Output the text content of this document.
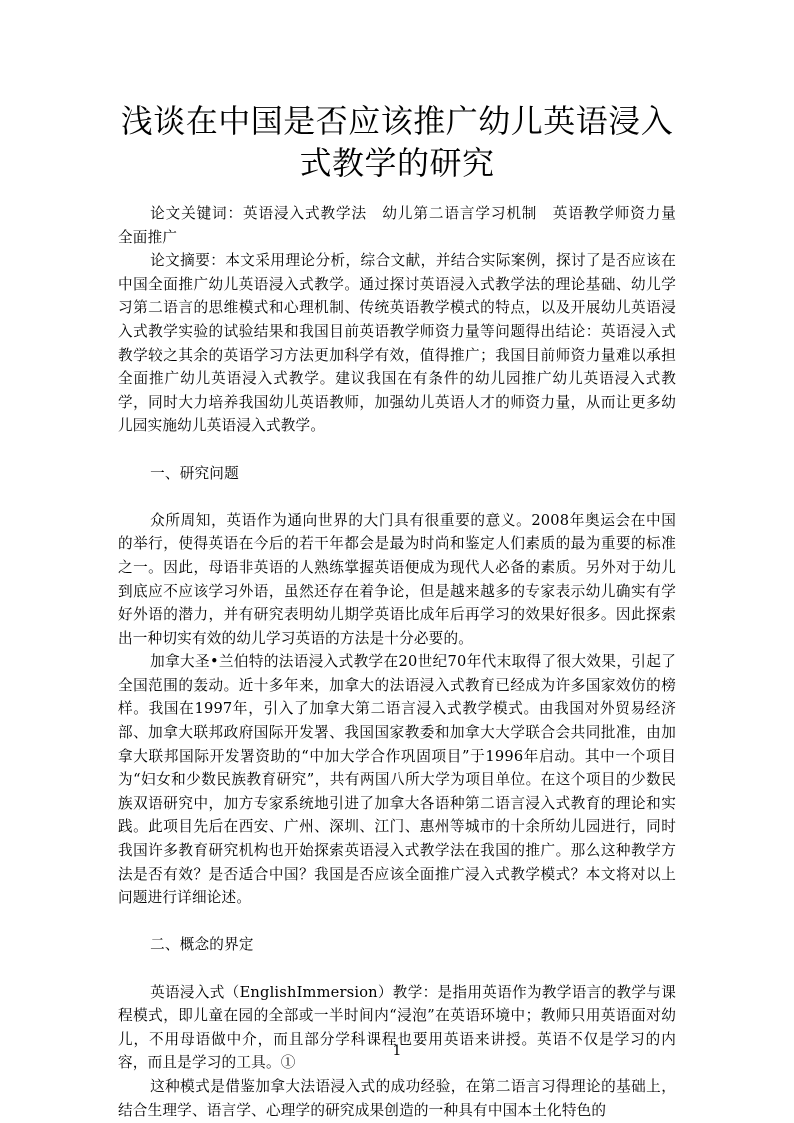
浅谈在中国是否应该推广幼儿英语浸入式教学的研究

论文关键词：英语浸入式教学法　幼儿第二语言学习机制　英语教学师资力量　全面推广

论文摘要：本文采用理论分析，综合文献，并结合实际案例，探讨了是否应该在中国全面推广幼儿英语浸入式教学。通过探讨英语浸入式教学法的理论基础、幼儿学习第二语言的思维模式和心理机制、传统英语教学模式的特点，以及开展幼儿英语浸入式教学实验的试验结果和我国目前英语教学师资力量等问题得出结论：英语浸入式教学较之其余的英语学习方法更加科学有效，值得推广；我国目前师资力量难以承担全面推广幼儿英语浸入式教学。建议我国在有条件的幼儿园推广幼儿英语浸入式教学，同时大力培养我国幼儿英语教师，加强幼儿英语人才的师资力量，从而让更多幼儿园实施幼儿英语浸入式教学。

一、研究问题

众所周知，英语作为通向世界的大门具有很重要的意义。2008年奥运会在中国的举行，使得英语在今后的若干年都会是最为时尚和鉴定人们素质的最为重要的标准之一。因此，母语非英语的人熟练掌握英语便成为现代人必备的素质。另外对于幼儿到底应不应该学习外语，虽然还存在着争论，但是越来越多的专家表示幼儿确实有学好外语的潜力，并有研究表明幼儿期学英语比成年后再学习的效果好很多。因此探索出一种切实有效的幼儿学习英语的方法是十分必要的。

加拿大圣•兰伯特的法语浸入式教学在20世纪70年代末取得了很大效果，引起了全国范围的轰动。近十多年来，加拿大的法语浸入式教育已经成为许多国家效仿的榜样。我国在1997年，引入了加拿大第二语言浸入式教学模式。由我国对外贸易经济部、加拿大联邦政府国际开发署、我国国家教委和加拿大大学联合会共同批准，由加拿大联邦国际开发署资助的“中加大学合作巩固项目”于1996年启动。其中一个项目为“妇女和少数民族教育研究”，共有两国八所大学为项目单位。在这个项目的少数民族双语研究中，加方专家系统地引进了加拿大各语种第二语言浸入式教育的理论和实践。此项目先后在西安、广州、深圳、江门、惠州等城市的十余所幼儿园进行，同时我国许多教育研究机构也开始探索英语浸入式教学法在我国的推广。那么这种教学方法是否有效？是否适合中国？我国是否应该全面推广浸入式教学模式？本文将对以上问题进行详细论述。

二、概念的界定

英语浸入式（EnglishImmersion）教学：是指用英语作为教学语言的教学与课程模式，即儿童在园的全部或一半时间内“浸泡”在英语环境中；教师只用英语面对幼儿，不用母语做中介，而且部分学科课程也要用英语来讲授。英语不仅是学习的内容，而且是学习的工具。①

这种模式是借鉴加拿大法语浸入式的成功经验，在第二语言习得理论的基础上，结合生理学、语言学、心理学的研究成果创造的一种具有中国本土化特色的

1
